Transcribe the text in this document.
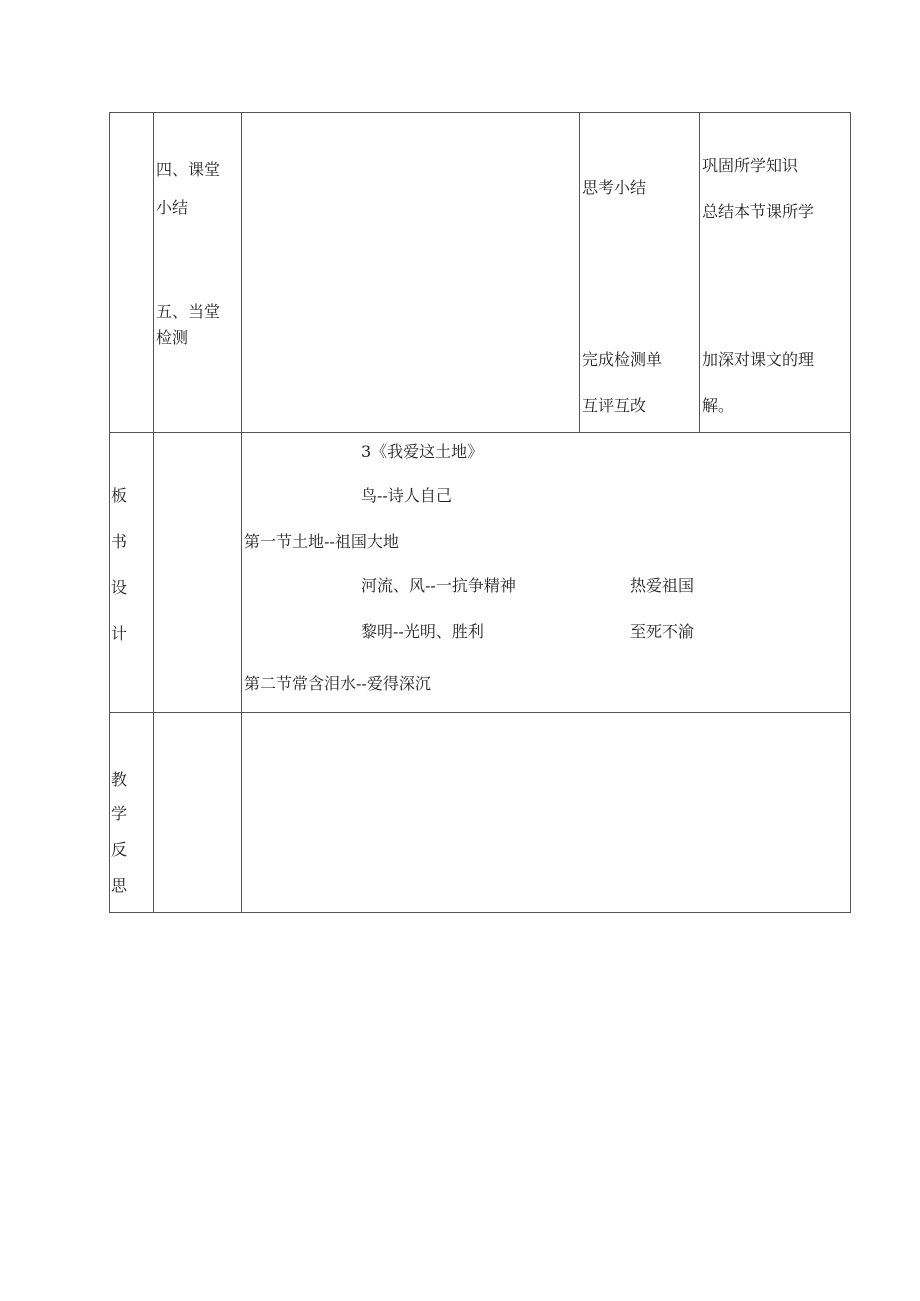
四、课堂
小结
五、当堂
检测
思考小结
完成检测单
互评互改
巩固所学知识
总结本节课所学
加深对课文的理
解。
板
书
设
计
3《我爱这土地》
鸟--诗人自己
第一节土地--祖国大地
河流、风--一抗争精神	热爱祖国
黎明--光明、胜利	至死不渝
第二节常含泪水--爱得深沉
教
学
反
思
